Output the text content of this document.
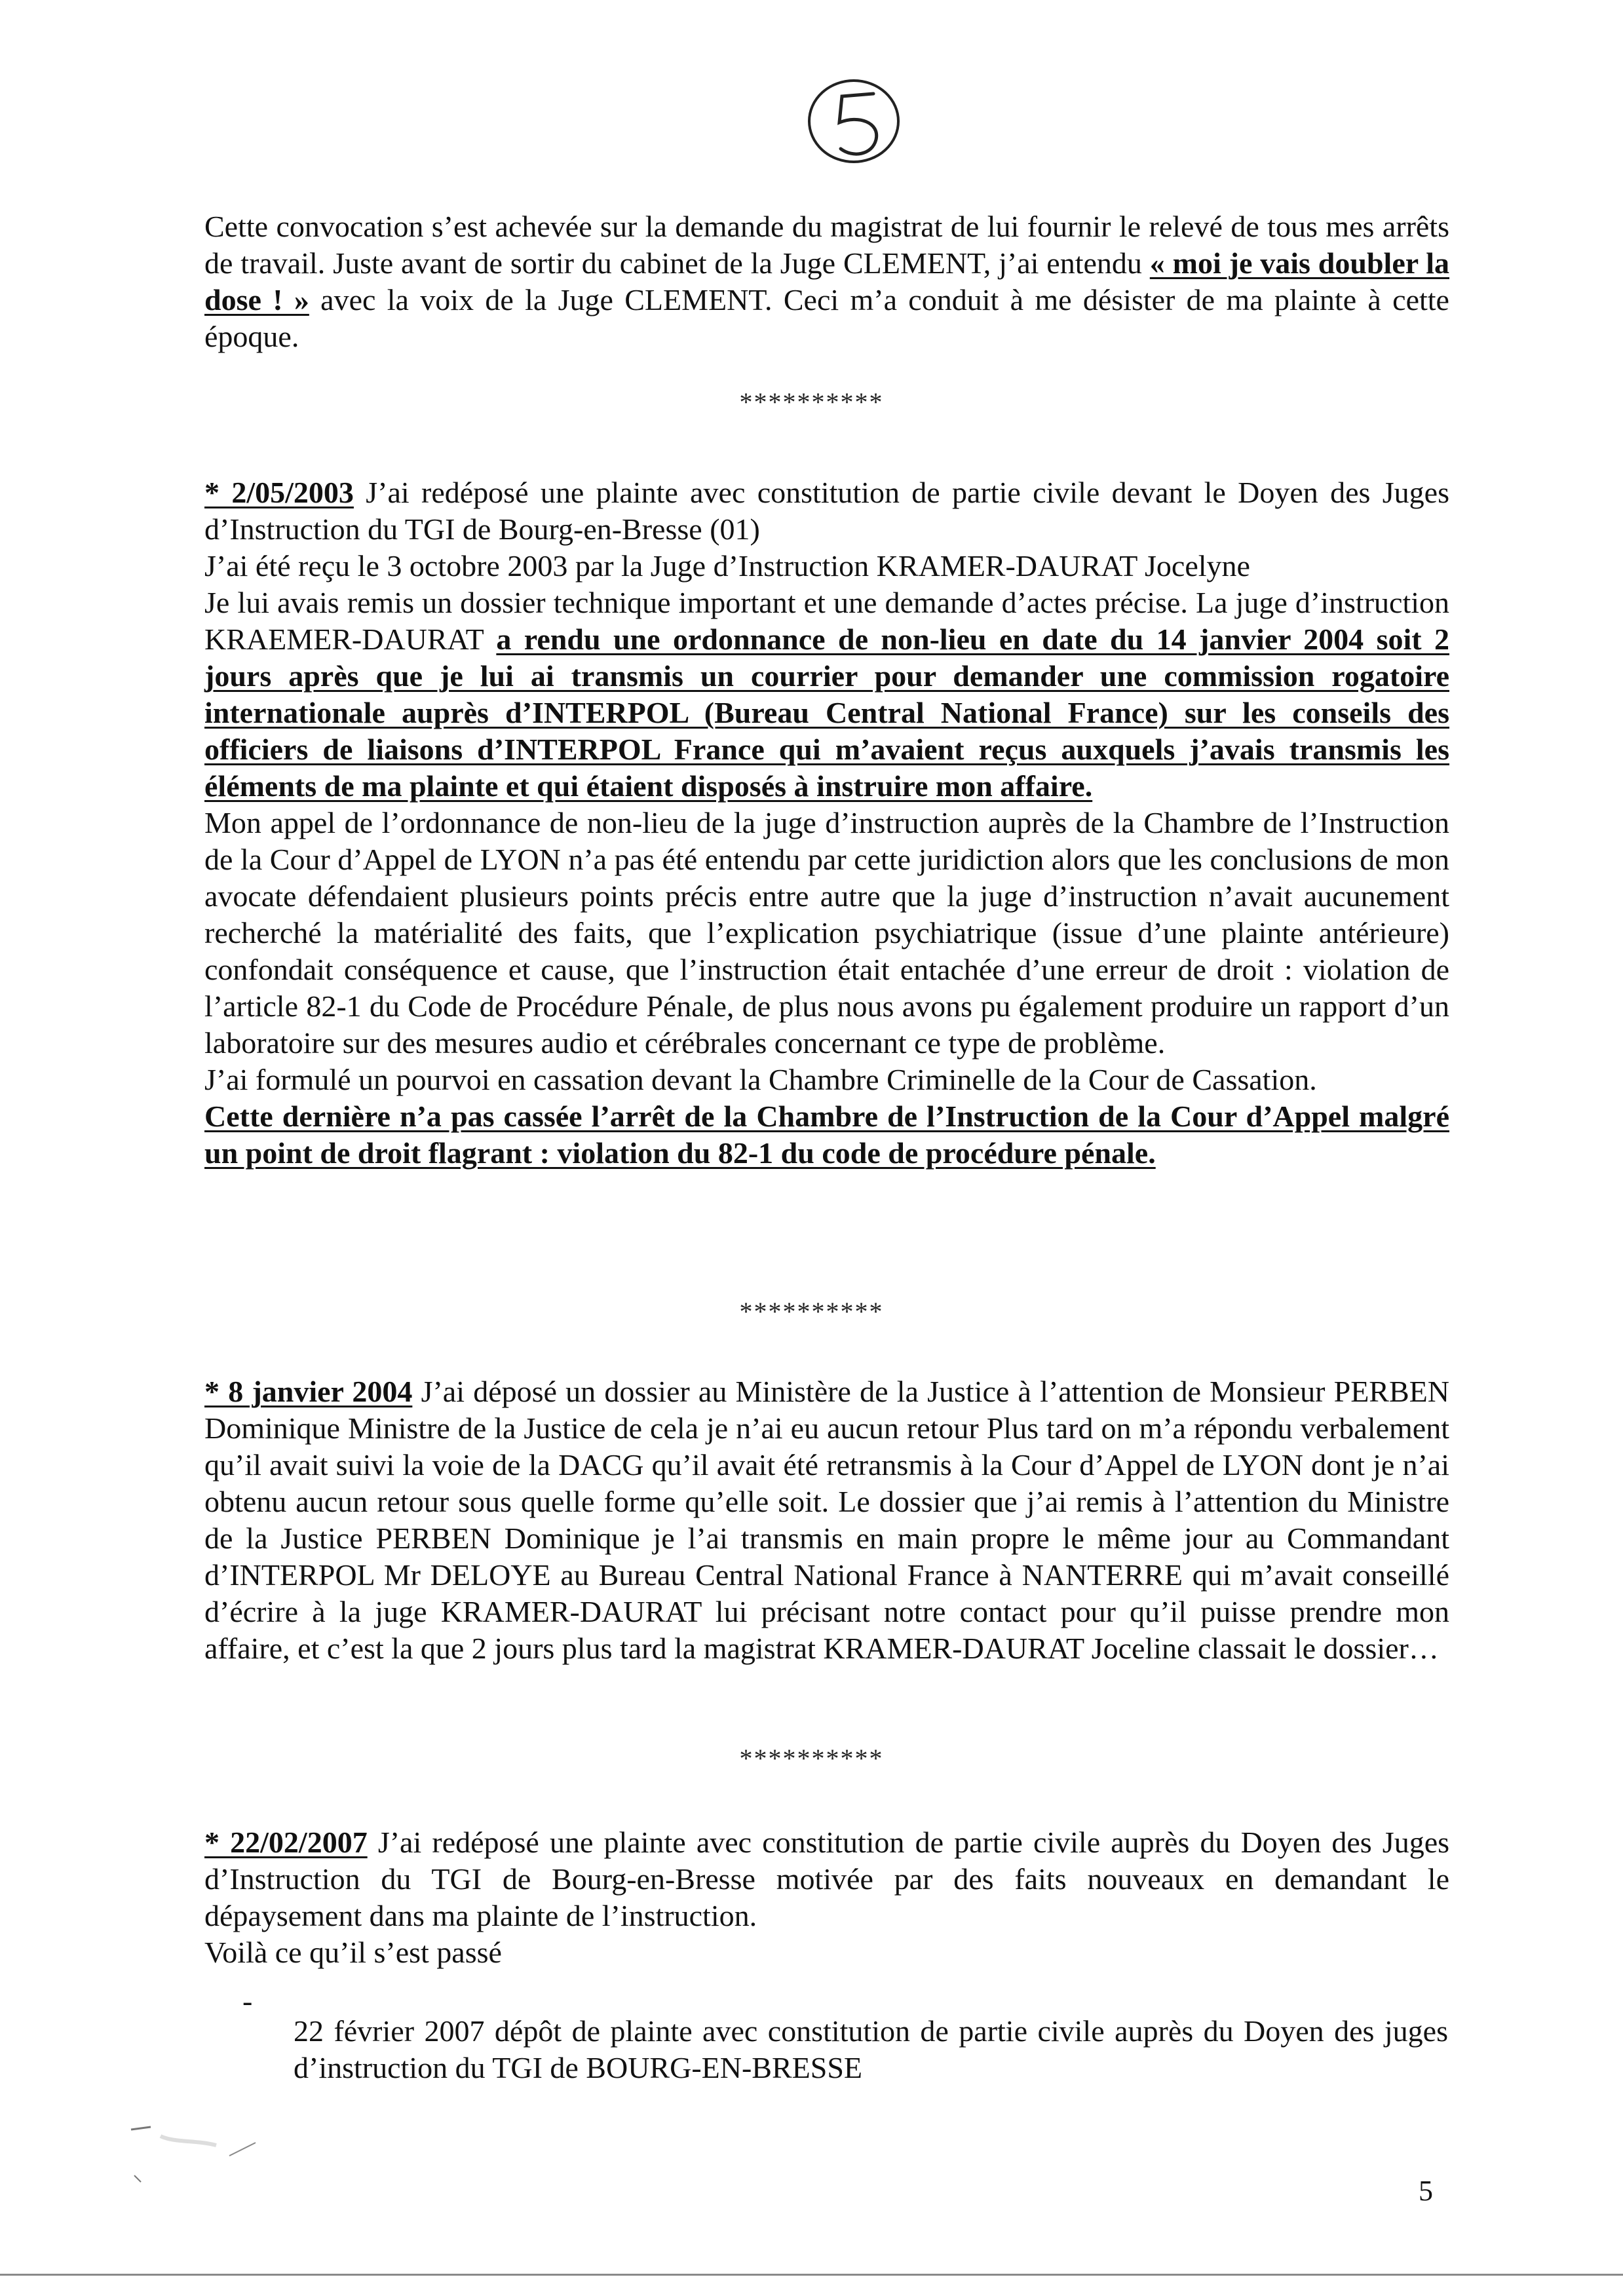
Cette convocation s’est achevée sur la demande du magistrat de lui fournir le relevé de tous mes arrêts de travail. Juste avant de sortir du cabinet de la Juge CLEMENT, j’ai entendu « moi je vais doubler la dose ! » avec la voix de la Juge CLEMENT. Ceci m’a conduit à me désister de ma plainte à cette époque.

**********

* 2/05/2003 J’ai redéposé une plainte avec constitution de partie civile devant le Doyen des Juges d’Instruction du TGI de Bourg-en-Bresse (01)

J’ai été reçu le 3 octobre 2003 par la Juge d’Instruction KRAMER-DAURAT Jocelyne

Je lui avais remis un dossier technique important et une demande d’actes précise. La juge d’instruction KRAEMER-DAURAT a rendu une ordonnance de non-lieu en date du 14 janvier 2004 soit 2 jours après que je lui ai transmis un courrier pour demander une commission rogatoire internationale auprès d’INTERPOL (Bureau Central National France) sur les conseils des officiers de liaisons d’INTERPOL France qui m’avaient reçus auxquels j’avais transmis les éléments de ma plainte et qui étaient disposés à instruire mon affaire.

Mon appel de l’ordonnance de non-lieu de la juge d’instruction auprès de la Chambre de l’Instruction de la Cour d’Appel de LYON n’a pas été entendu par cette juridiction alors que les conclusions de mon avocate défendaient plusieurs points précis entre autre que la juge d’instruction n’avait aucunement recherché la matérialité des faits, que l’explication psychiatrique (issue d’une plainte antérieure) confondait conséquence et cause, que l’instruction était entachée d’une erreur de droit : violation de l’article 82-1 du Code de Procédure Pénale, de plus nous avons pu également produire un rapport d’un laboratoire sur des mesures audio et cérébrales concernant ce type de problème.

J’ai formulé un pourvoi en cassation devant la Chambre Criminelle de la Cour de Cassation.

Cette dernière n’a pas cassée l’arrêt de la Chambre de l’Instruction de la Cour d’Appel malgré un point de droit flagrant : violation du 82-1 du code de procédure pénale.

**********

* 8 janvier 2004 J’ai déposé un dossier au Ministère de la Justice à l’attention de Monsieur PERBEN Dominique Ministre de la Justice de cela je n’ai eu aucun retour Plus tard on m’a répondu verbalement qu’il avait suivi la voie de la DACG qu’il avait été retransmis à la Cour d’Appel de LYON dont je n’ai obtenu aucun retour sous quelle forme qu’elle soit. Le dossier que j’ai remis à l’attention du Ministre de la Justice PERBEN Dominique je l’ai transmis en main propre le même jour au Commandant d’INTERPOL Mr DELOYE au Bureau Central National France à NANTERRE qui m’avait conseillé d’écrire à la juge KRAMER-DAURAT lui précisant notre contact pour qu’il puisse prendre mon affaire, et c’est la que 2 jours plus tard la magistrat KRAMER-DAURAT Joceline classait le dossier…

**********

* 22/02/2007 J’ai redéposé une plainte avec constitution de partie civile auprès du Doyen des Juges d’Instruction du TGI de Bourg-en-Bresse motivée par des faits nouveaux en demandant le dépaysement dans ma plainte de l’instruction.

Voilà ce qu’il s’est passé

-

22 février 2007 dépôt de plainte avec constitution de partie civile auprès du Doyen des juges d’instruction du TGI de BOURG-EN-BRESSE

5
